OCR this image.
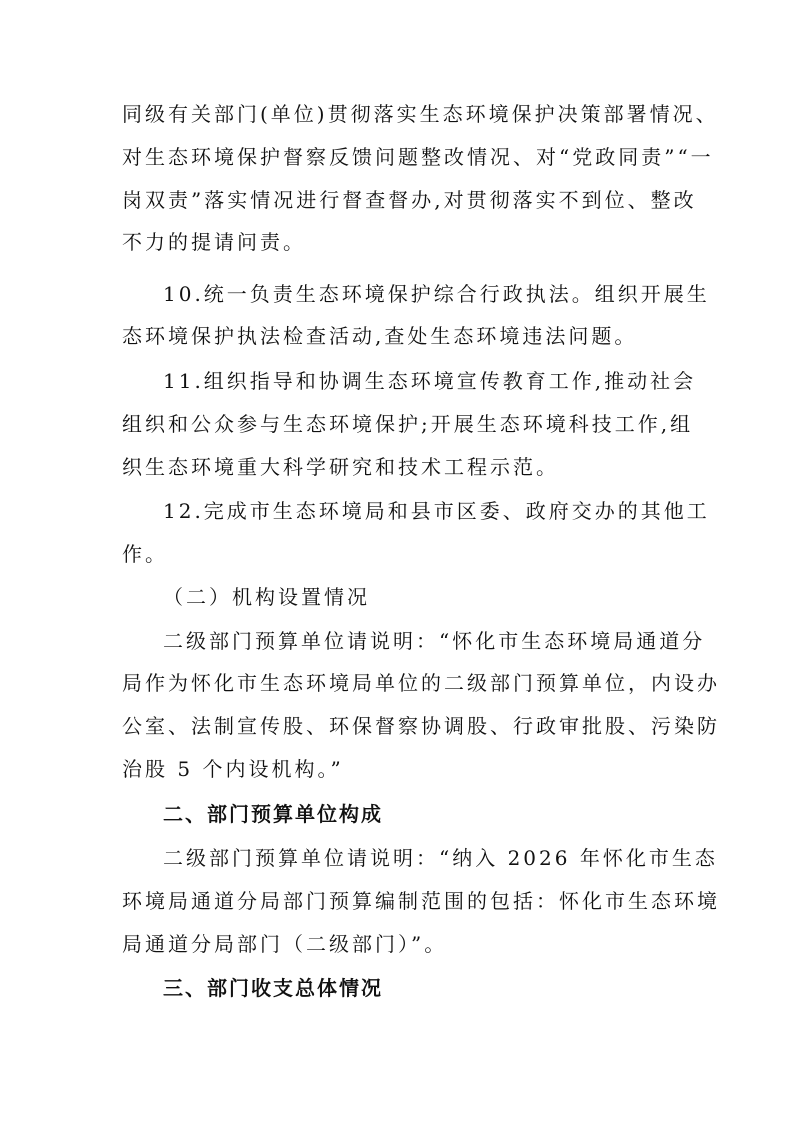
同级有关部门(单位)贯彻落实生态环境保护决策部署情况、
对生态环境保护督察反馈问题整改情况、对“党政同责”“一
岗双责”落实情况进行督查督办,对贯彻落实不到位、整改
不力的提请问责。
10.统一负责生态环境保护综合行政执法。组织开展生
态环境保护执法检查活动,查处生态环境违法问题。
11.组织指导和协调生态环境宣传教育工作,推动社会
组织和公众参与生态环境保护;开展生态环境科技工作,组
织生态环境重大科学研究和技术工程示范。
12.完成市生态环境局和县市区委、政府交办的其他工
作。
（二）机构设置情况
二级部门预算单位请说明：“怀化市生态环境局通道分
局作为怀化市生态环境局单位的二级部门预算单位，内设办
公室、法制宣传股、环保督察协调股、行政审批股、污染防
治股 5 个内设机构。”
二、部门预算单位构成
二级部门预算单位请说明：“纳入 2026 年怀化市生态
环境局通道分局部门预算编制范围的包括：怀化市生态环境
局通道分局部门（二级部门）”。
三、部门收支总体情况
